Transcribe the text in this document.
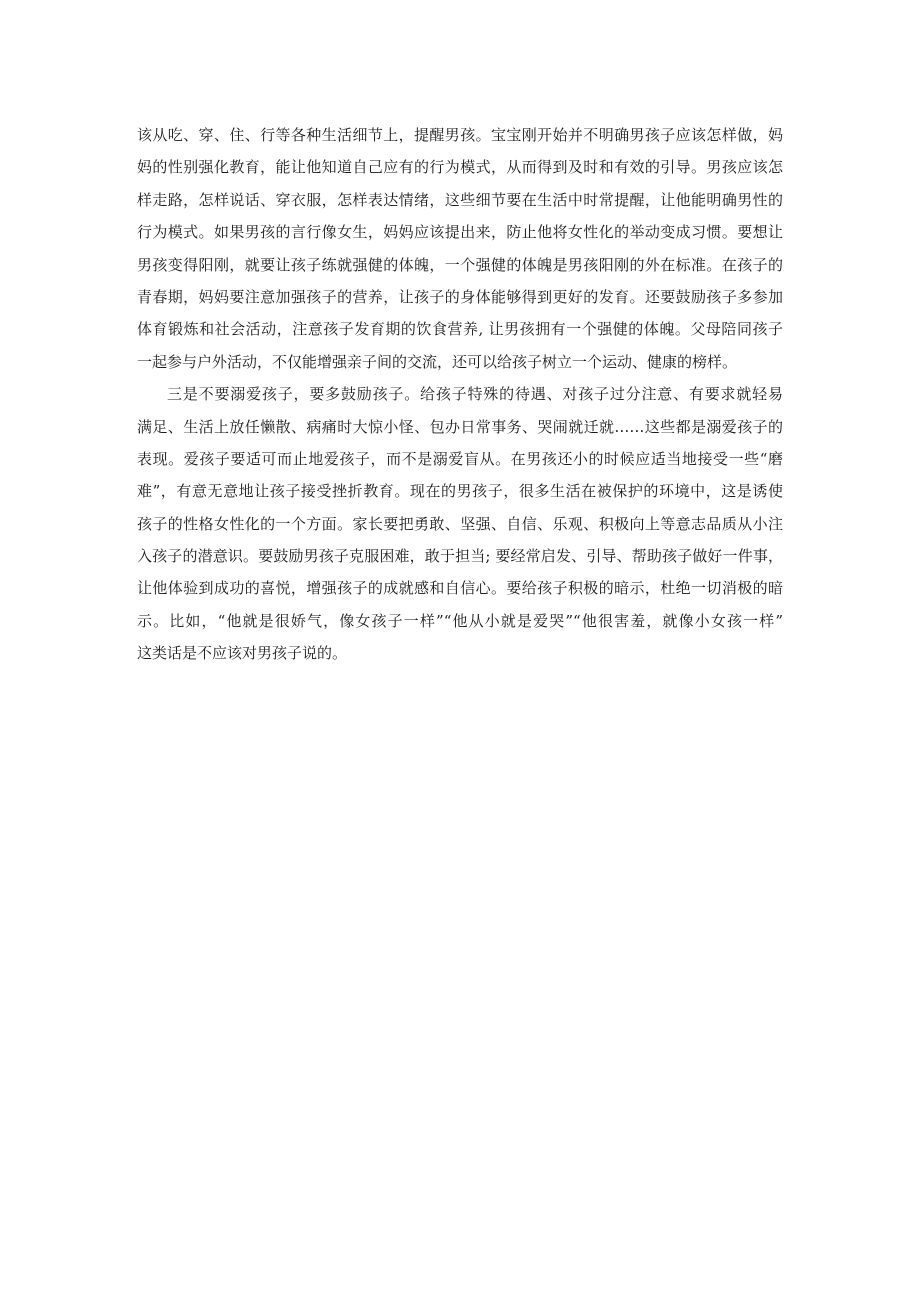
该从吃、穿、住、行等各种生活细节上，提醒男孩。宝宝刚开始并不明确男孩子应该怎样做，妈
妈的性别强化教育，能让他知道自己应有的行为模式，从而得到及时和有效的引导。男孩应该怎
样走路，怎样说话、穿衣服，怎样表达情绪，这些细节要在生活中时常提醒，让他能明确男性的
行为模式。如果男孩的言行像女生，妈妈应该提出来，防止他将女性化的举动变成习惯。要想让
男孩变得阳刚，就要让孩子练就强健的体魄，一个强健的体魄是男孩阳刚的外在标准。在孩子的
青春期，妈妈要注意加强孩子的营养，让孩子的身体能够得到更好的发育。还要鼓励孩子多参加
体育锻炼和社会活动，注意孩子发育期的饮食营养, 让男孩拥有一个强健的体魄。父母陪同孩子
一起参与户外活动，不仅能增强亲子间的交流，还可以给孩子树立一个运动、健康的榜样。
三是不要溺爱孩子，要多鼓励孩子。给孩子特殊的待遇、对孩子过分注意、有要求就轻易
满足、生活上放任懒散、病痛时大惊小怪、包办日常事务、哭闹就迁就……这些都是溺爱孩子的
表现。爱孩子要适可而止地爱孩子，而不是溺爱盲从。在男孩还小的时候应适当地接受一些“磨
难”，有意无意地让孩子接受挫折教育。现在的男孩子，很多生活在被保护的环境中，这是诱使
孩子的性格女性化的一个方面。家长要把勇敢、坚强、自信、乐观、积极向上等意志品质从小注
入孩子的潜意识。要鼓励男孩子克服困难，敢于担当; 要经常启发、引导、帮助孩子做好一件事，
让他体验到成功的喜悦，增强孩子的成就感和自信心。要给孩子积极的暗示，杜绝一切消极的暗
示。比如，“他就是很娇气，像女孩子一样”“他从小就是爱哭”“他很害羞，就像小女孩一样”
这类话是不应该对男孩子说的。
